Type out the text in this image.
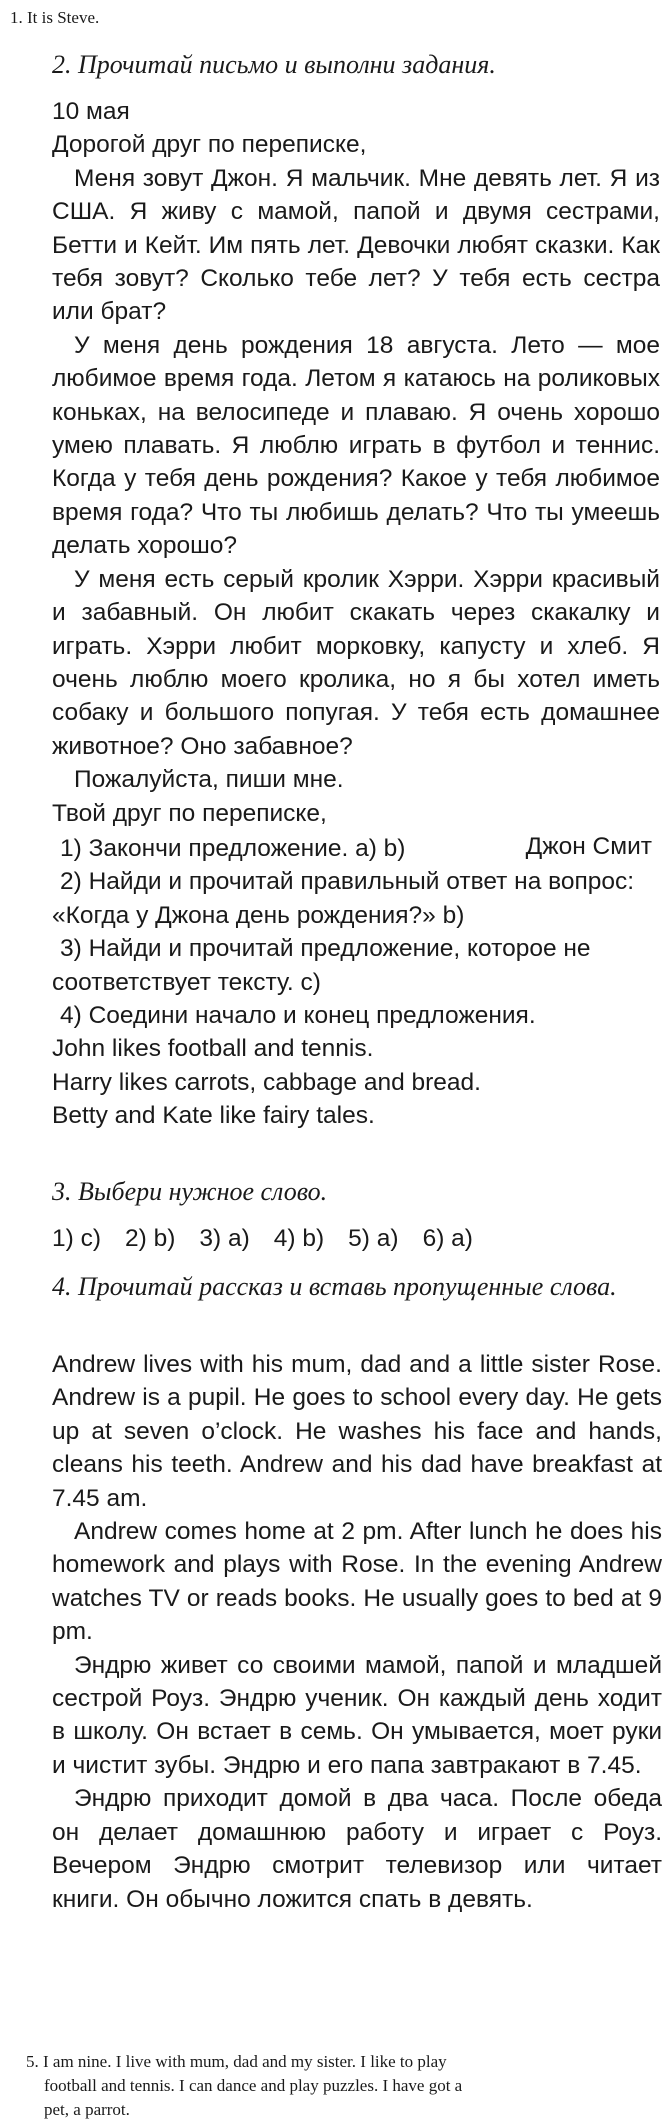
1. It is Steve.
2. Прочитай письмо и выполни задания.

10 мая

Дорогой друг по переписке,

Меня зовут Джон. Я мальчик. Мне девять лет. Я из США. Я живу с мамой, папой и двумя сестрами, Бетти и Кейт. Им пять лет. Девочки любят сказки. Как тебя зовут? Сколько тебе лет? У тебя есть сестра или брат?

У меня день рождения 18 августа. Лето — мое любимое время года. Летом я катаюсь на роликовых коньках, на велосипеде и плаваю. Я очень хорошо умею плавать. Я люблю играть в футбол и теннис. Когда у тебя день рождения? Какое у тебя любимое время года? Что ты любишь делать? Что ты умеешь делать хорошо?

У меня есть серый кролик Хэрри. Хэрри красивый и забавный. Он любит скакать через скакалку и играть. Хэрри любит морковку, капусту и хлеб. Я очень люблю моего кролика, но я бы хотел иметь собаку и большого попугая. У тебя есть домашнее животное? Оно забавное?

Пожалуйста, пиши мне.

Твой друг по переписке,

Джон Смит

1) Закончи предложение. а) b)

2) Найди и прочитай правильный ответ на вопрос: «Когда у Джона день рождения?» b)

3) Найди и прочитай предложение, которое не соответствует тексту. с)

4) Соедини начало и конец предложения.

John likes football and tennis.

Harry likes carrots, cabbage and bread.

Betty and Kate like fairy tales.

3. Выбери нужное слово.
1) c) 2) b) 3) a) 4) b) 5) a) 6) a)
4. Прочитай рассказ и вставь пропущенные слова.

Andrew lives with his mum, dad and a little sister Rose. Andrew is a pupil. He goes to school every day. He gets up at seven o’clock. He washes his face and hands, cleans his teeth. Andrew and his dad have breakfast at 7.45 am.

Andrew comes home at 2 pm. After lunch he does his homework and plays with Rose. In the evening Andrew watches TV or reads books. He usually goes to bed at 9 pm.

Эндрю живет со своими мамой, папой и младшей сестрой Роуз. Эндрю ученик. Он каждый день ходит в школу. Он встает в семь. Он умывается, моет руки и чистит зубы. Эндрю и его папа завтракают в 7.45.

Эндрю приходит домой в два часа. После обеда он делает домашнюю работу и играет с Роуз. Вечером Эндрю смотрит телевизор или читает книги. Он обычно ложится спать в девять.

5. I am nine. I live with mum, dad and my sister. I like to play

football and tennis. I can dance and play puzzles. I have got a

pet, a parrot.
